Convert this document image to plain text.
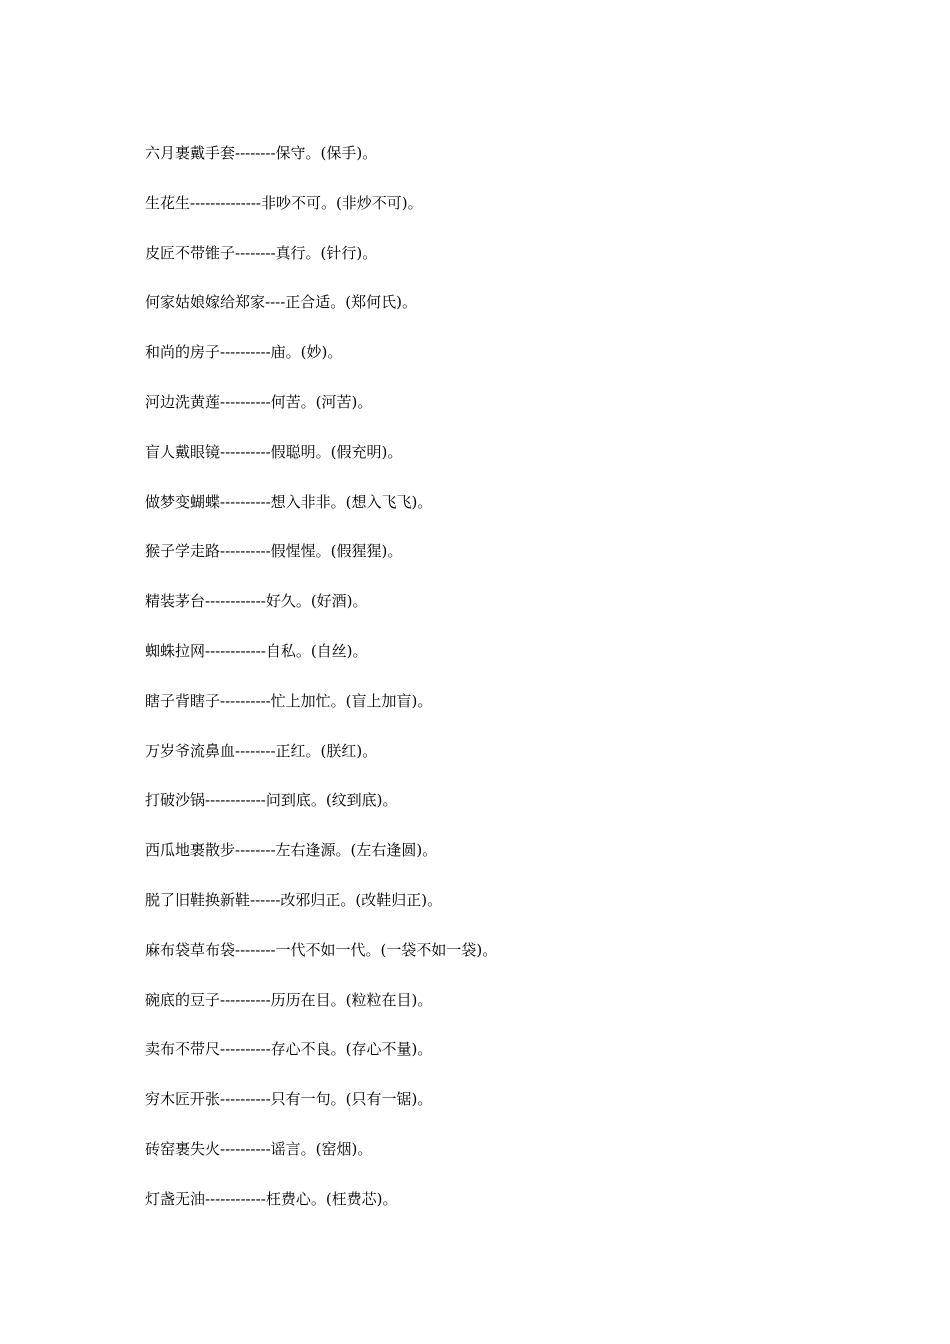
六月裹戴手套--------保守。(保手)。
生花生--------------非吵不可。(非炒不可)。
皮匠不带锥子--------真行。(针行)。
何家姑娘嫁给郑家----正合适。(郑何氏)。
和尚的房子----------庙。(妙)。
河边洗黄莲----------何苦。(河苦)。
盲人戴眼镜----------假聪明。(假充明)。
做梦变蝴蝶----------想入非非。(想入飞飞)。
猴子学走路----------假惺惺。(假猩猩)。
精装茅台------------好久。(好酒)。
蜘蛛拉网------------自私。(自丝)。
瞎子背瞎子----------忙上加忙。(盲上加盲)。
万岁爷流鼻血--------正红。(朕红)。
打破沙锅------------问到底。(纹到底)。
西瓜地裹散步--------左右逢源。(左右逢圆)。
脱了旧鞋换新鞋------改邪归正。(改鞋归正)。
麻布袋草布袋--------一代不如一代。(一袋不如一袋)。
碗底的豆子----------历历在目。(粒粒在目)。
卖布不带尺----------存心不良。(存心不量)。
穷木匠开张----------只有一句。(只有一锯)。
砖窑裹失火----------谣言。(窑烟)。
灯盏无油------------枉费心。(枉费芯)。
